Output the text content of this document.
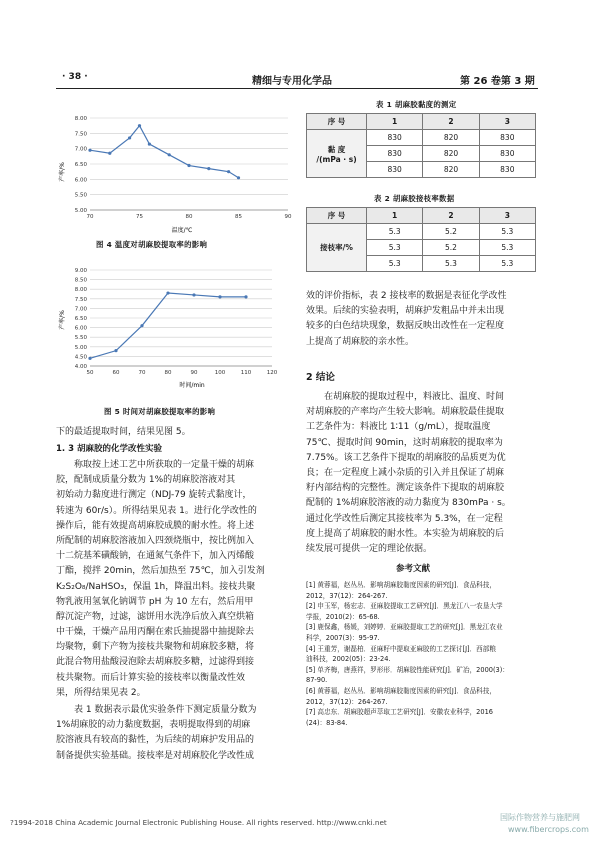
· 38 ·	精细与专用化学品	第 26 卷第 3 期
产率/%
温度/℃
5.00
5.50
6.00
6.50
7.00
7.50
8.00
70	75	80	85	90
图 4 温度对胡麻胶提取率的影响
产率/%
时间/min
4.00
4.50
5.00
5.50
6.00
6.50
7.00
7.50
8.00
8.50
9.00
50	60	70	80	90	100	110	120
图 5 时间对胡麻胶提取率的影响
下的最适提取时间，结果见图 5。
1. 3 胡麻胶的化学改性实验
称取按上述工艺中所获取的一定量干燥的胡麻
胶，配制成质量分数为 1%的胡麻胶溶液对其
初始动力黏度进行测定（NDJ-79 旋转式黏度计，
转速为 60r/s）。所得结果见表 1。进行化学改性的
操作后，能有效提高胡麻胶成膜的耐水性。将上述
所配制的胡麻胶溶液加入四颈烧瓶中，按比例加入
十二烷基苯磺酸钠，在通氮气条件下，加入丙烯酸
丁酯，搅拌 20min，然后加热至 75℃，加入引发剂
K₂S₂O₈/NaHSO₃，保温 1h，降温出料。接枝共聚
物乳液用氢氧化钠调节 pH 为 10 左右，然后用甲
醇沉淀产物，过滤，滤饼用水洗净后放入真空烘箱
中干燥，干燥产品用丙酮在索氏抽提器中抽提除去
均聚物，剩下产物为接枝共聚物和胡麻胶多糖，将
此混合物用盐酸浸泡除去胡麻胶多糖，过滤得到接
枝共聚物。而后计算实验的接枝率以衡量改性效
果，所得结果见表 2。
表 1 数据表示最优实验条件下测定质量分数为
1%胡麻胶的动力黏度数据，表明提取得到的胡麻
胶溶液具有较高的黏性，为后续的胡麻护发用品的
制备提供实验基础。接枝率是对胡麻胶化学改性成
表 1 胡麻胶黏度的测定
序 号	1	2	3

黏 度
/(mPa · s)	830	820	830
	830	820	830
	830	820	830
表 2 胡麻胶接枝率数据
序 号	1	2	3
接枝率/%	5.3	5.2	5.3
	5.3	5.2	5.3
	5.3	5.3	5.3
效的评价指标，表 2 接枝率的数据是表征化学改性
效果。后续的实验表明，胡麻护发粗品中并未出现
较多的白色结块现象，数据反映出改性在一定程度
上提高了胡麻胶的亲水性。
2 结论
在胡麻胶的提取过程中，料液比、温度、时间
对胡麻胶的产率均产生较大影响。胡麻胶最佳提取
工艺条件为：料液比 1∶11（g/mL），提取温度
75℃、提取时间 90min，这时胡麻胶的提取率为
7.75%。该工艺条件下提取的胡麻胶的品质更为优
良；在一定程度上减小杂质的引入并且保证了胡麻
籽内部结构的完整性。测定该条件下提取的胡麻胶
配制的 1%胡麻胶溶液的动力黏度为 830mPa · s。
通过化学改性后测定其接枝率为 5.3%，在一定程
度上提高了胡麻胶的耐水性。本实验为胡麻胶的后
续发展可提供一定的理论依据。
参考文献
[1] 黄蓉福，赵丛丛．影响胡麻胶黏度因素的研究[J]．食品科技，
2012，37(12)：264-267.
[2] 申玉军，杨宏志．亚麻胶提取工艺研究[J]．黑龙江八一农垦大学
学报，2010(2)：65-68.
[3] 鹿保鑫，杨媛，刘婷婷．亚麻胶提取工艺的研究[J]．黑龙江农业
科学，2007(3)：95-97.
[4] 王重芳，谢磊柏．亚麻籽中提取亚麻胶的工艺探讨[J]．西部粮
油科技，2002(05)：23-24.
[5] 单齐梅，唐燕祥，罗形形．胡麻胶性能研究[J]．矿冶，2000(3)：
87-90.
[6] 黄蓉福，赵丛丛．影响胡麻胶黏度因素的研究[J]．食品科技，
2012，37(12)：264-267.
[7] 高忠东．胡麻胶超声萃取工艺研究[J]．安徽农业科学，2016
(24)：83-84.
?1994-2018 China Academic Journal Electronic Publishing House. All rights reserved. http://www.cnki.net
国际作物营养与施肥网
www.fibercrops.com
